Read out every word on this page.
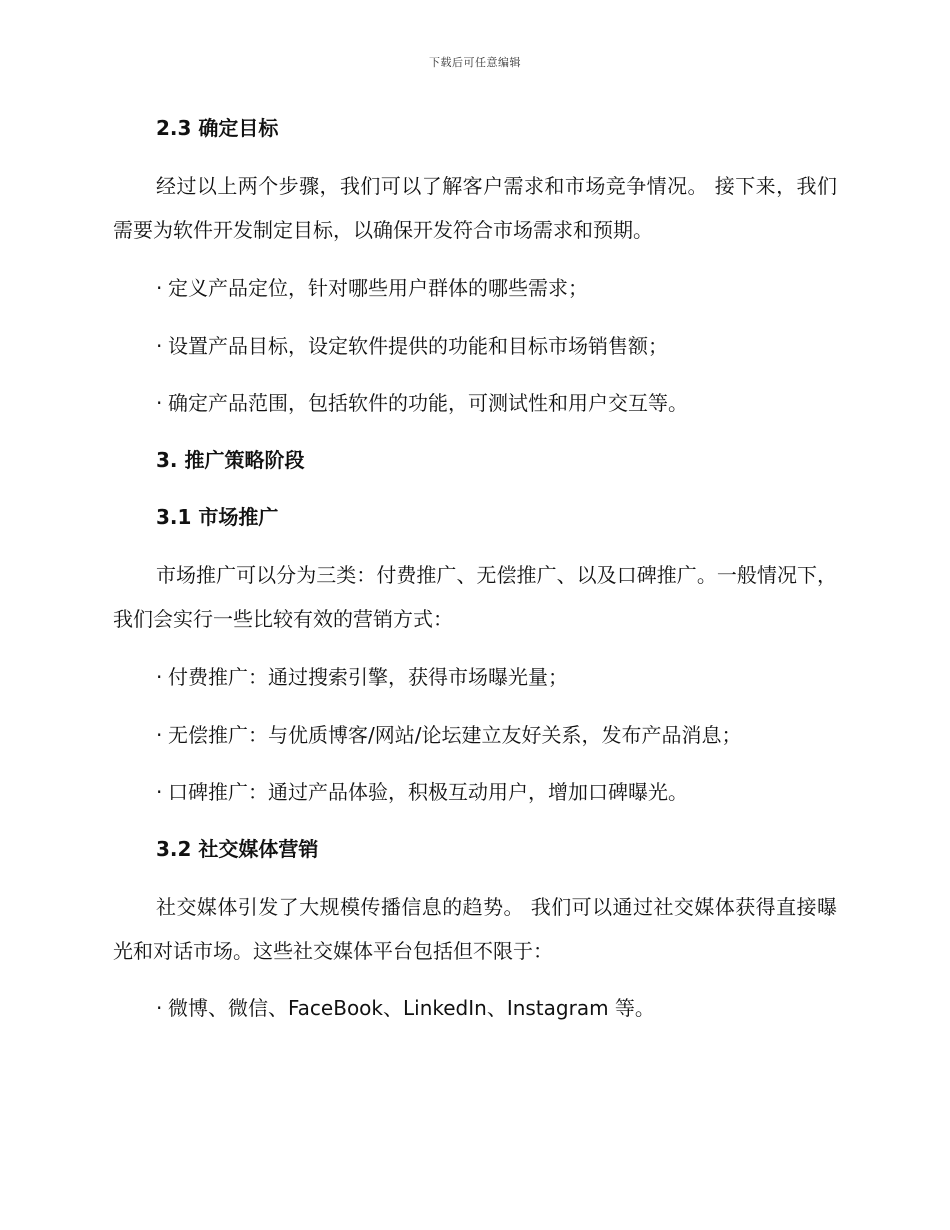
下载后可任意编辑
2.3 确定目标
经过以上两个步骤，我们可以了解客户需求和市场竞争情况。 接下来，我们需要为软件开发制定目标，以确保开发符合市场需求和预期。
· 定义产品定位，针对哪些用户群体的哪些需求；
· 设置产品目标，设定软件提供的功能和目标市场销售额；
· 确定产品范围，包括软件的功能，可测试性和用户交互等。
3. 推广策略阶段
3.1 市场推广
市场推广可以分为三类：付费推广、无偿推广、以及口碑推广。一般情况下，我们会实行一些比较有效的营销方式：
· 付费推广：通过搜索引擎，获得市场曝光量；
· 无偿推广：与优质博客/网站/论坛建立友好关系，发布产品消息；
· 口碑推广：通过产品体验，积极互动用户，增加口碑曝光。
3.2 社交媒体营销
社交媒体引发了大规模传播信息的趋势。 我们可以通过社交媒体获得直接曝光和对话市场。这些社交媒体平台包括但不限于：
· 微博、微信、FaceBook、LinkedIn、Instagram 等。
